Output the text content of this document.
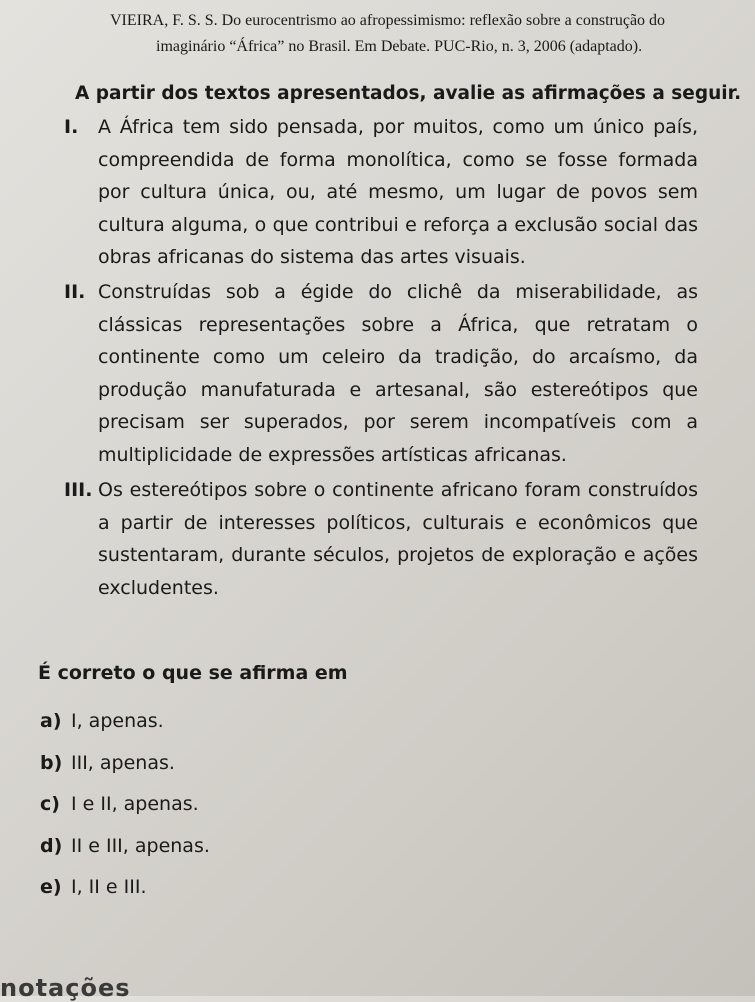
VIEIRA, F. S. S. Do eurocentrismo ao afropessimismo: reflexão sobre a construção do
imaginário “África” no Brasil. Em Debate. PUC-Rio, n. 3, 2006 (adaptado).

A partir dos textos apresentados, avalie as afirmações a seguir.

I. A África tem sido pensada, por muitos, como um único país, compreendida de forma monolítica, como se fosse formada por cultura única, ou, até mesmo, um lugar de povos sem cultura alguma, o que contribui e reforça a exclusão social das obras africanas do sistema das artes visuais.
II. Construídas sob a égide do clichê da miserabilidade, as clássicas representações sobre a África, que retratam o continente como um celeiro da tradição, do arcaísmo, da produção manufaturada e artesanal, são estereótipos que precisam ser superados, por serem incompatíveis com a multiplicidade de expressões artísticas africanas.
III. Os estereótipos sobre o continente africano foram construídos a partir de interesses políticos, culturais e econômicos que sustentaram, durante séculos, projetos de exploração e ações excludentes.

É correto o que se afirma em

a) I, apenas.
b) III, apenas.
c) I e II, apenas.
d) II e III, apenas.
e) I, II e III.

notações
